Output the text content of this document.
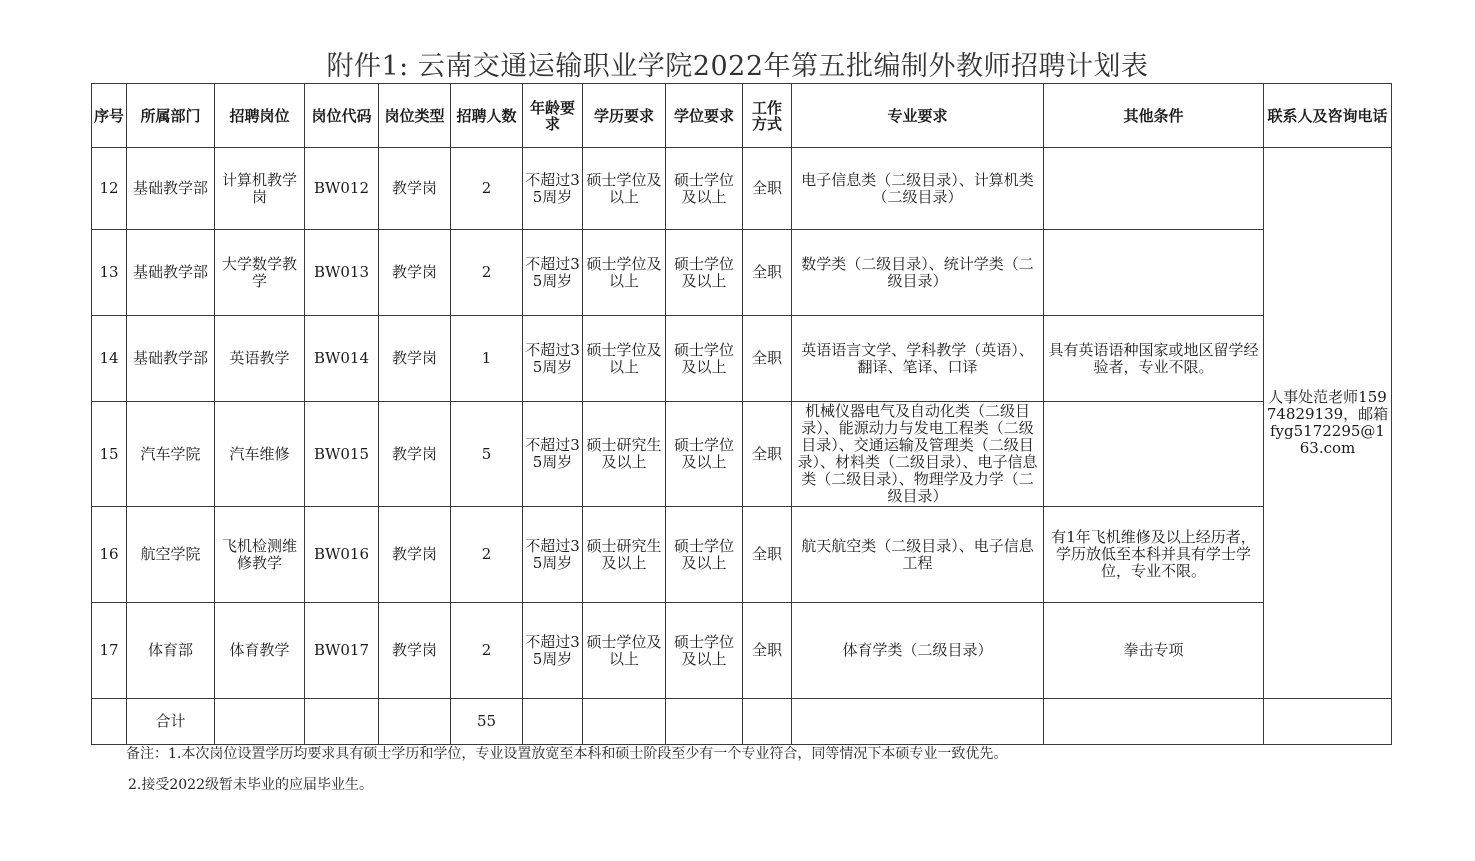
附件1: 云南交通运输职业学院2022年第五批编制外教师招聘计划表
序号	所属部门	招聘岗位	岗位代码	岗位类型	招聘人数	年龄要求	学历要求	学位要求	工作方式	专业要求	其他条件	联系人及咨询电话
12	基础教学部	计算机教学岗	BW012	教学岗	2	不超过35周岁	硕士学位及以上	硕士学位及以上	全职	电子信息类（二级目录）、计算机类（二级目录）		人事处范老师15974829139，邮箱fyg5172295@163.com
13	基础教学部	大学数学教学	BW013	教学岗	2	不超过35周岁	硕士学位及以上	硕士学位及以上	全职	数学类（二级目录）、统计学类（二级目录）		
14	基础教学部	英语教学	BW014	教学岗	1	不超过35周岁	硕士学位及以上	硕士学位及以上	全职	英语语言文学、学科教学（英语）、翻译、笔译、口译	具有英语语种国家或地区留学经验者，专业不限。	
15	汽车学院	汽车维修	BW015	教学岗	5	不超过35周岁	硕士研究生及以上	硕士学位及以上	全职	机械仪器电气及自动化类（二级目录）、能源动力与发电工程类（二级目录）、交通运输及管理类（二级目录）、材料类（二级目录）、电子信息类（二级目录）、物理学及力学（二级目录）		
16	航空学院	飞机检测维修教学	BW016	教学岗	2	不超过35周岁	硕士研究生及以上	硕士学位及以上	全职	航天航空类（二级目录）、电子信息工程	有1年飞机维修及以上经历者，学历放低至本科并具有学士学位，专业不限。	
17	体育部	体育教学	BW017	教学岗	2	不超过35周岁	硕士学位及以上	硕士学位及以上	全职	体育学类（二级目录）	拳击专项	
	合计				55							
备注：1.本次岗位设置学历均要求具有硕士学历和学位，专业设置放宽至本科和硕士阶段至少有一个专业符合，同等情况下本硕专业一致优先。
2.接受2022级暂未毕业的应届毕业生。
